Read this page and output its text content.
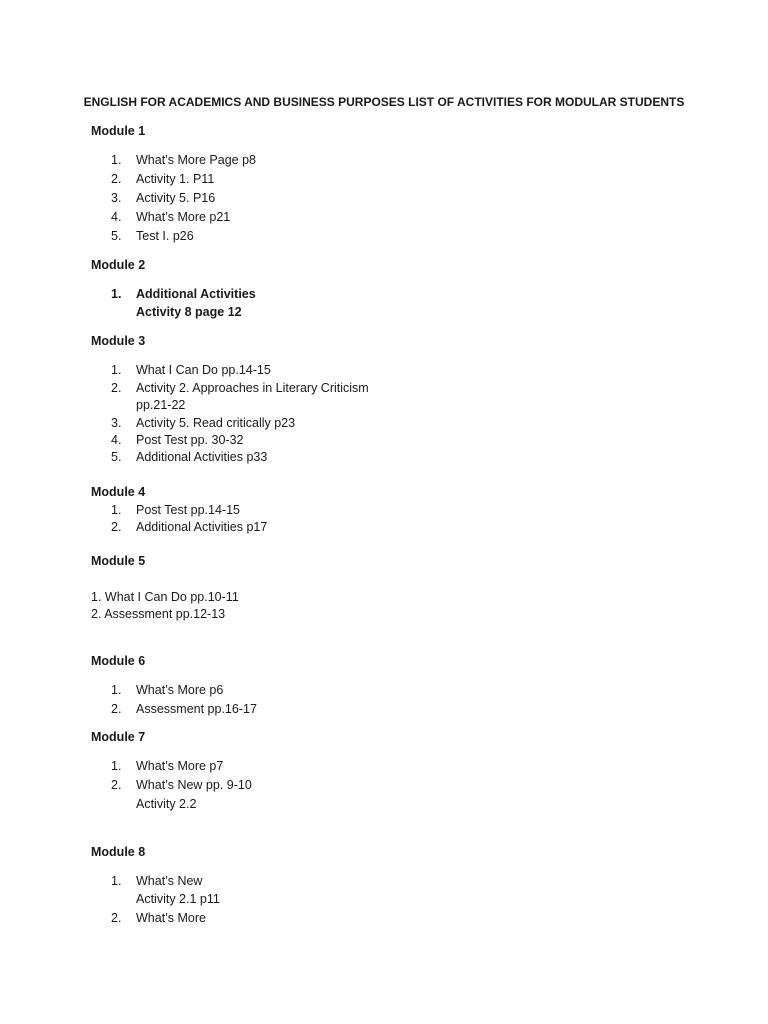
ENGLISH FOR ACADEMICS AND BUSINESS PURPOSES LIST OF ACTIVITIES FOR MODULAR STUDENTS
Module 1
1. What’s More Page p8
2. Activity 1. P11
3. Activity 5. P16
4. What’s More p21
5. Test I. p26
Module 2
1. Additional Activities
Activity 8 page 12
Module 3
1. What I Can Do pp.14-15
2. Activity 2. Approaches in Literary Criticism
pp.21-22
3. Activity 5. Read critically p23
4. Post Test pp. 30-32
5. Additional Activities p33
Module 4
1. Post Test pp.14-15
2. Additional Activities p17
Module 5
1. What I Can Do pp.10-11
2. Assessment pp.12-13
Module 6
1. What’s More p6
2. Assessment pp.16-17
Module 7
1. What’s More p7
2. What’s New pp. 9-10
Activity 2.2
Module 8
1. What’s New
Activity 2.1 p11
2. What’s More
